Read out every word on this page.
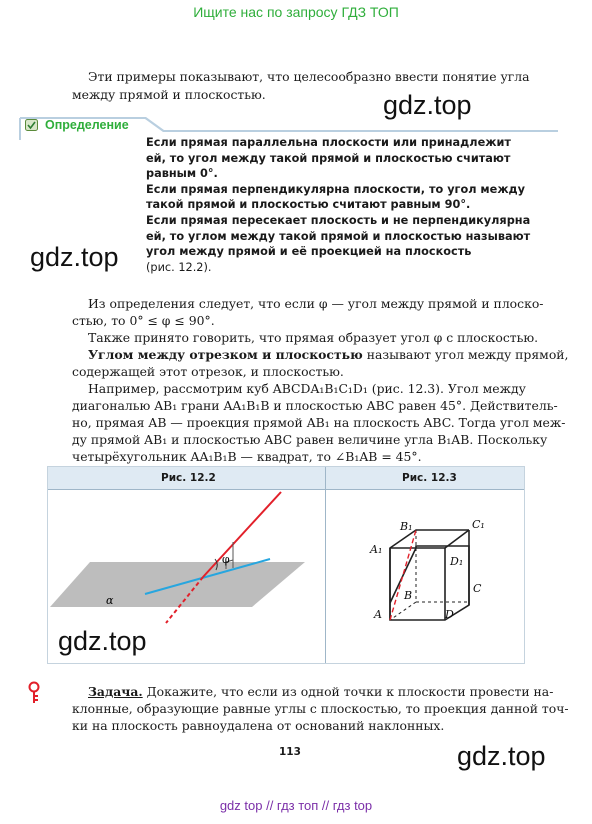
Ищите нас по запросу ГДЗ ТОП
Эти примеры показывают, что целесообразно ввести понятие угла
между прямой и плоскостью.	gdz.top
Определение
Если прямая параллельна плоскости или принадлежит
ей, то угол между такой прямой и плоскостью считают
равным 0°.
Если прямая перпендикулярна плоскости, то угол между
такой прямой и плоскостью считают равным 90°.
Если прямая пересекает плоскость и не перпендикулярна
ей, то углом между такой прямой и плоскостью называют
угол между прямой и её проекцией на плоскость
(рис. 12.2).
gdz.top
Из определения следует, что если φ — угол между прямой и плоско-
стью, то 0° ≤ φ ≤ 90°.
Также принято говорить, что прямая образует угол φ с плоскостью.
Углом между отрезком и плоскостью называют угол между прямой,
содержащей этот отрезок, и плоскостью.
Например, рассмотрим куб ABCDA₁B₁C₁D₁ (рис. 12.3). Угол между
диагональю AB₁ грани AA₁B₁B и плоскостью ABC равен 45°. Действитель-
но, прямая AB — проекция прямой AB₁ на плоскость ABC. Тогда угол меж-
ду прямой AB₁ и плоскостью ABC равен величине угла B₁AB. Поскольку
четырёхугольник AA₁B₁B — квадрат, то ∠B₁AB = 45°.
Рис. 12.2	Рис. 12.3
φ
α
B₁	C₁
A₁
D₁
B
C
A	D
gdz.top
Задача. Докажите, что если из одной точки к плоскости провести на-
клонные, образующие равные углы с плоскостью, то проекция данной точ-
ки на плоскость равноудалена от оснований наклонных.
113	gdz.top
gdz top // гдз топ // гдз top
